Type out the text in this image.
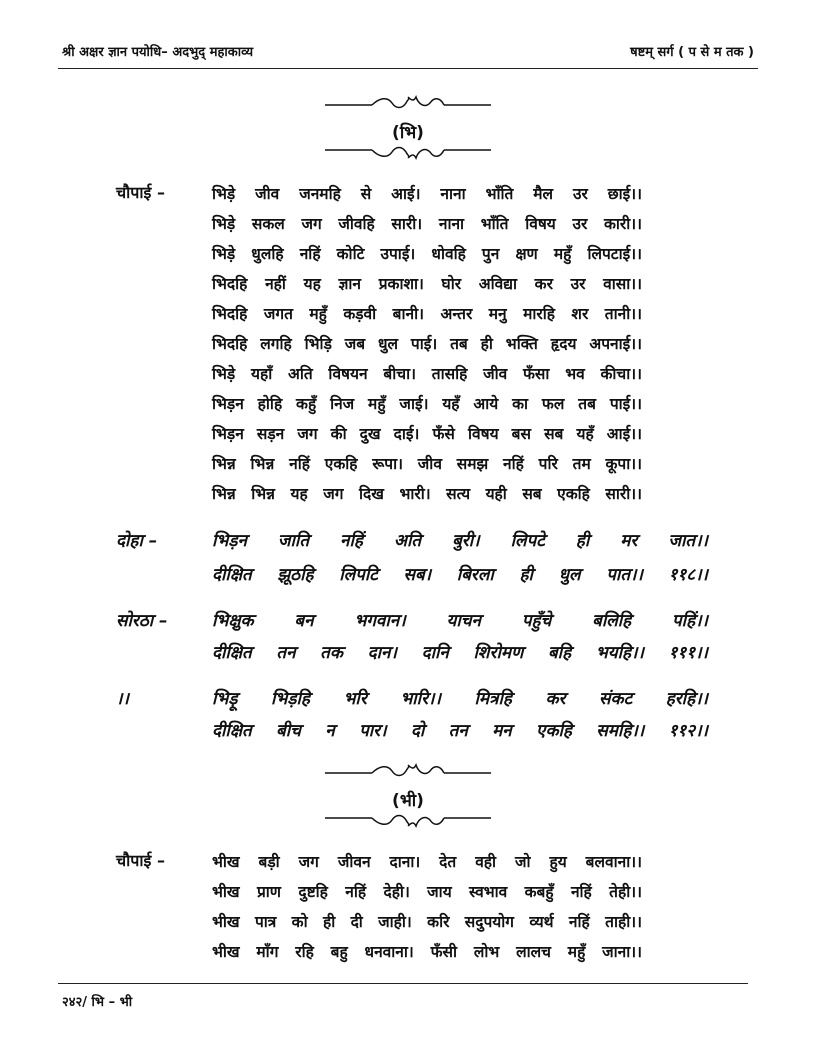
श्री अक्षर ज्ञान पयोधि– अदभुद् महाकाव्य	षष्टम् सर्ग ( प से म तक )
(भि)
चौपाई –	भिड़े जीव जनमहि से आई। नाना भाँति मैल उर छाई।।
भिड़े सकल जग जीवहि सारी। नाना भाँति विषय उर कारी।।
भिड़े धुलहि नहिं कोटि उपाई। धोवहि पुन क्षण महुँ लिपटाई।।
भिदहि नहीं यह ज्ञान प्रकाशा। घोर अविद्या कर उर वासा।।
भिदहि जगत महुँ कड़वी बानी। अन्तर मनु मारहि शर तानी।।
भिदहि लगहि भिड़ि जब धुल पाई। तब ही भक्ति हृदय अपनाई।।
भिड़े यहाँ अति विषयन बीचा। तासहि जीव फँसा भव कीचा।।
भिड़न होहि कहुँ निज महुँ जाई। यहँ आये का फल तब पाई।।
भिड़न सड़न जग की दुख दाई। फँसे विषय बस सब यहँ आई।।
भिन्न भिन्न नहिं एकहि रूपा। जीव समझ नहिं परि तम कूपा।।
भिन्न भिन्न यह जग दिख भारी। सत्य यही सब एकहि सारी।।
दोहा –	भिड़न जाति नहिं अति बुरी। लिपटे ही मर जात।।
दीक्षित झूठहि लिपटि सब। बिरला ही धुल पात।। ११८।।
सोरठा –	भिक्षुक बन भगवान। याचन पहुँचे बलिहि पहिं।।
दीक्षित तन तक दान। दानि शिरोमण बहि भयहि।। १११।।
।।	भिड़ू भिड़हि भरि भारि।। मित्रहि कर संकट हरहि।।
दीक्षित बीच न पार। दो तन मन एकहि समहि।। ११२।।
(भी)
चौपाई –	भीख बड़ी जग जीवन दाना। देत वही जो हुय बलवाना।।
भीख प्राण दुष्टहि नहिं देही। जाय स्वभाव कबहुँ नहिं तेही।।
भीख पात्र को ही दी जाही। करि सदुपयोग व्यर्थ नहिं ताही।।
भीख माँग रहि बहु धनवाना। फँसी लोभ लालच महुँ जाना।।
२४२/ भि – भी
